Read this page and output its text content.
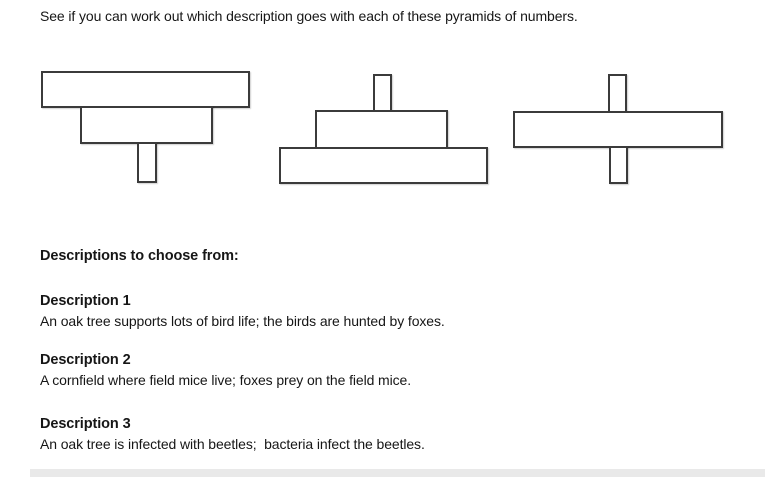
See if you can work out which description goes with each of these pyramids of numbers.

Descriptions to choose from:

Description 1

An oak tree supports lots of bird life; the birds are hunted by foxes.

Description 2

A cornfield where field mice live; foxes prey on the field mice.

Description 3

An oak tree is infected with beetles;  bacteria infect the beetles.
